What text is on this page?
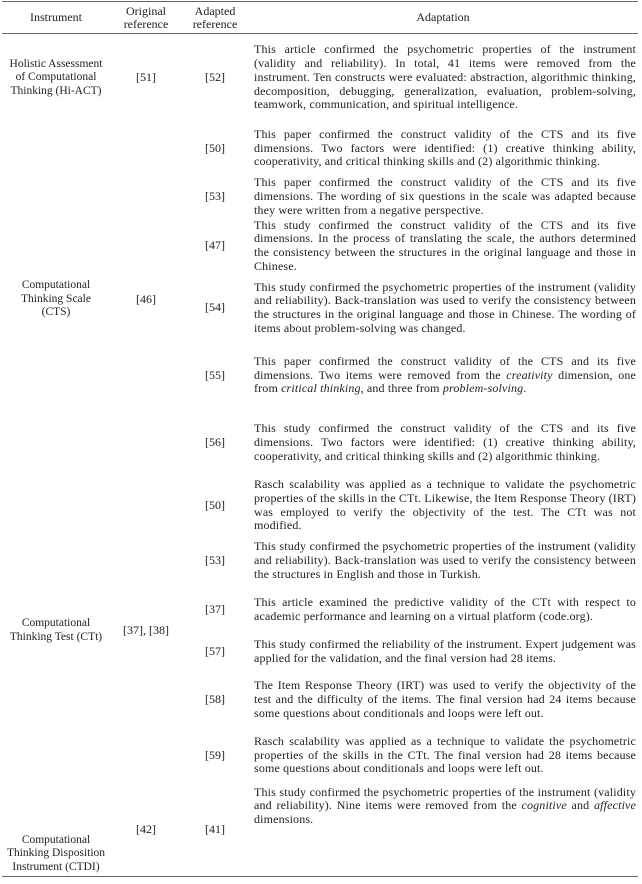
Instrument	Original reference	Adapted reference	Adaptation
Holistic Assessment of Computational Thinking (Hi-ACT)	[51]	[52]	This article confirmed the psychometric properties of the instrument (validity and reliability). In total, 41 items were removed from the instrument. Ten constructs were evaluated: abstraction, algorithmic thinking, decomposition, debugging, generalization, evaluation, problem-solving, teamwork, communication, and spiritual intelligence.
Computational Thinking Scale (CTS)	[46]	[50]	This paper confirmed the construct validity of the CTS and its five dimensions. Two factors were identified: (1) creative thinking ability, cooperativity, and critical thinking skills and (2) algorithmic thinking.
		[53]	This paper confirmed the construct validity of the CTS and its five dimensions. The wording of six questions in the scale was adapted because they were written from a negative perspective.
		[47]	This study confirmed the construct validity of the CTS and its five dimensions. In the process of translating the scale, the authors determined the consistency between the structures in the original language and those in Chinese.
		[54]	This study confirmed the psychometric properties of the instrument (validity and reliability). Back-translation was used to verify the consistency between the structures in the original language and those in Chinese. The wording of items about problem-solving was changed.
		[55]	This paper confirmed the construct validity of the CTS and its five dimensions. Two items were removed from the creativity dimension, one from critical thinking, and three from problem-solving.
		[56]	This study confirmed the construct validity of the CTS and its five dimensions. Two factors were identified: (1) creative thinking ability, cooperativity, and critical thinking skills and (2) algorithmic thinking.
Computational Thinking Test (CTt)	[37], [38]	[50]	Rasch scalability was applied as a technique to validate the psychometric properties of the skills in the CTt. Likewise, the Item Response Theory (IRT) was employed to verify the objectivity of the test. The CTt was not modified.
		[53]	This study confirmed the psychometric properties of the instrument (validity and reliability). Back-translation was used to verify the consistency between the structures in English and those in Turkish.
		[37]	This article examined the predictive validity of the CTt with respect to academic performance and learning on a virtual platform (code.org).
		[57]	This study confirmed the reliability of the instrument. Expert judgement was applied for the validation, and the final version had 28 items.
		[58]	The Item Response Theory (IRT) was used to verify the objectivity of the test and the difficulty of the items. The final version had 24 items because some questions about conditionals and loops were left out.
		[59]	Rasch scalability was applied as a technique to validate the psychometric properties of the skills in the CTt. The final version had 28 items because some questions about conditionals and loops were left out.
Computational Thinking Disposition Instrument (CTDI)	[42]	[41]	This study confirmed the psychometric properties of the instrument (validity and reliability). Nine items were removed from the cognitive and affective dimensions.
